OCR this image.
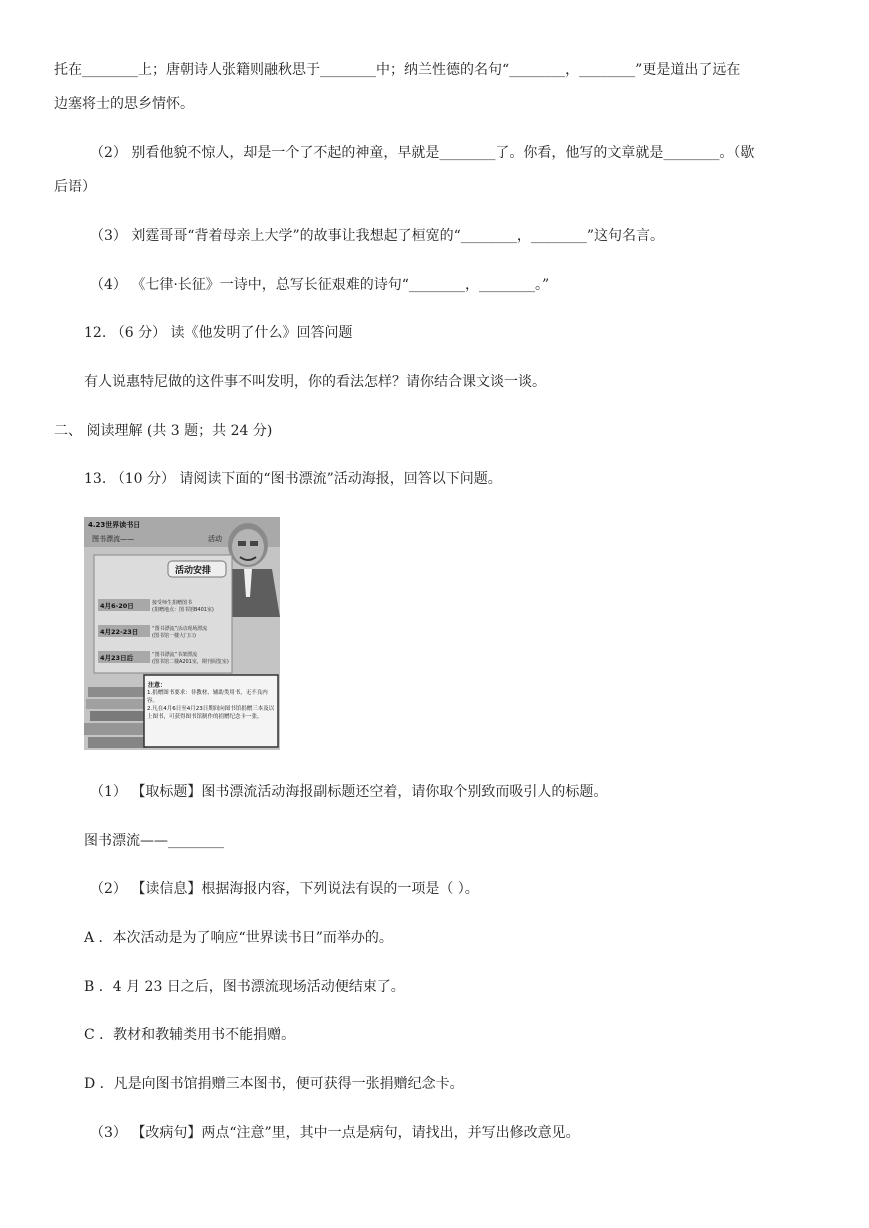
托在________上；唐朝诗人张籍则融秋思于________中；纳兰性德的名句“________，________”更是道出了远在
边塞将士的思乡情怀。
（2） 别看他貌不惊人，却是一个了不起的神童，早就是________了。你看，他写的文章就是________。（歇
后语）
（3） 刘霆哥哥“背着母亲上大学”的故事让我想起了桓宽的“________，________”这句名言。
（4） 《七律·长征》一诗中，总写长征艰难的诗句“________，________。”
12. （6 分） 读《他发明了什么》回答问题
有人说惠特尼做的这件事不叫发明，你的看法怎样？请你结合课文谈一谈。
二、 阅读理解 (共 3 题；共 24 分)
13. （10 分） 请阅读下面的“图书漂流”活动海报，回答以下问题。
4.23世界读书日
图书漂流——	活动
活动安排
4月6-20日	接受师生捐赠图书
(捐赠地点：图书馆B401室)
4月22-23日	“图书漂流”活动现场漂流
(图书馆一楼大门口)
4月23日后	“图书漂流”书架漂流
(图书馆二楼A201室，期刊阅览室)
注意：
1.捐赠图书要求：非教材、辅助类用书，无不良内容。
2.凡在4月6日至4月23日期间向图书馆捐赠三本及以上图书，可获得图书馆制作的捐赠纪念卡一张。
（1） 【取标题】图书漂流活动海报副标题还空着，请你取个别致而吸引人的标题。
图书漂流——________
（2） 【读信息】根据海报内容，下列说法有误的一项是（ ）。
A ．本次活动是为了响应“世界读书日”而举办的。
B ．4 月 23 日之后，图书漂流现场活动便结束了。
C ．教材和教辅类用书不能捐赠。
D ．凡是向图书馆捐赠三本图书，便可获得一张捐赠纪念卡。
（3） 【改病句】两点“注意”里，其中一点是病句，请找出，并写出修改意见。
